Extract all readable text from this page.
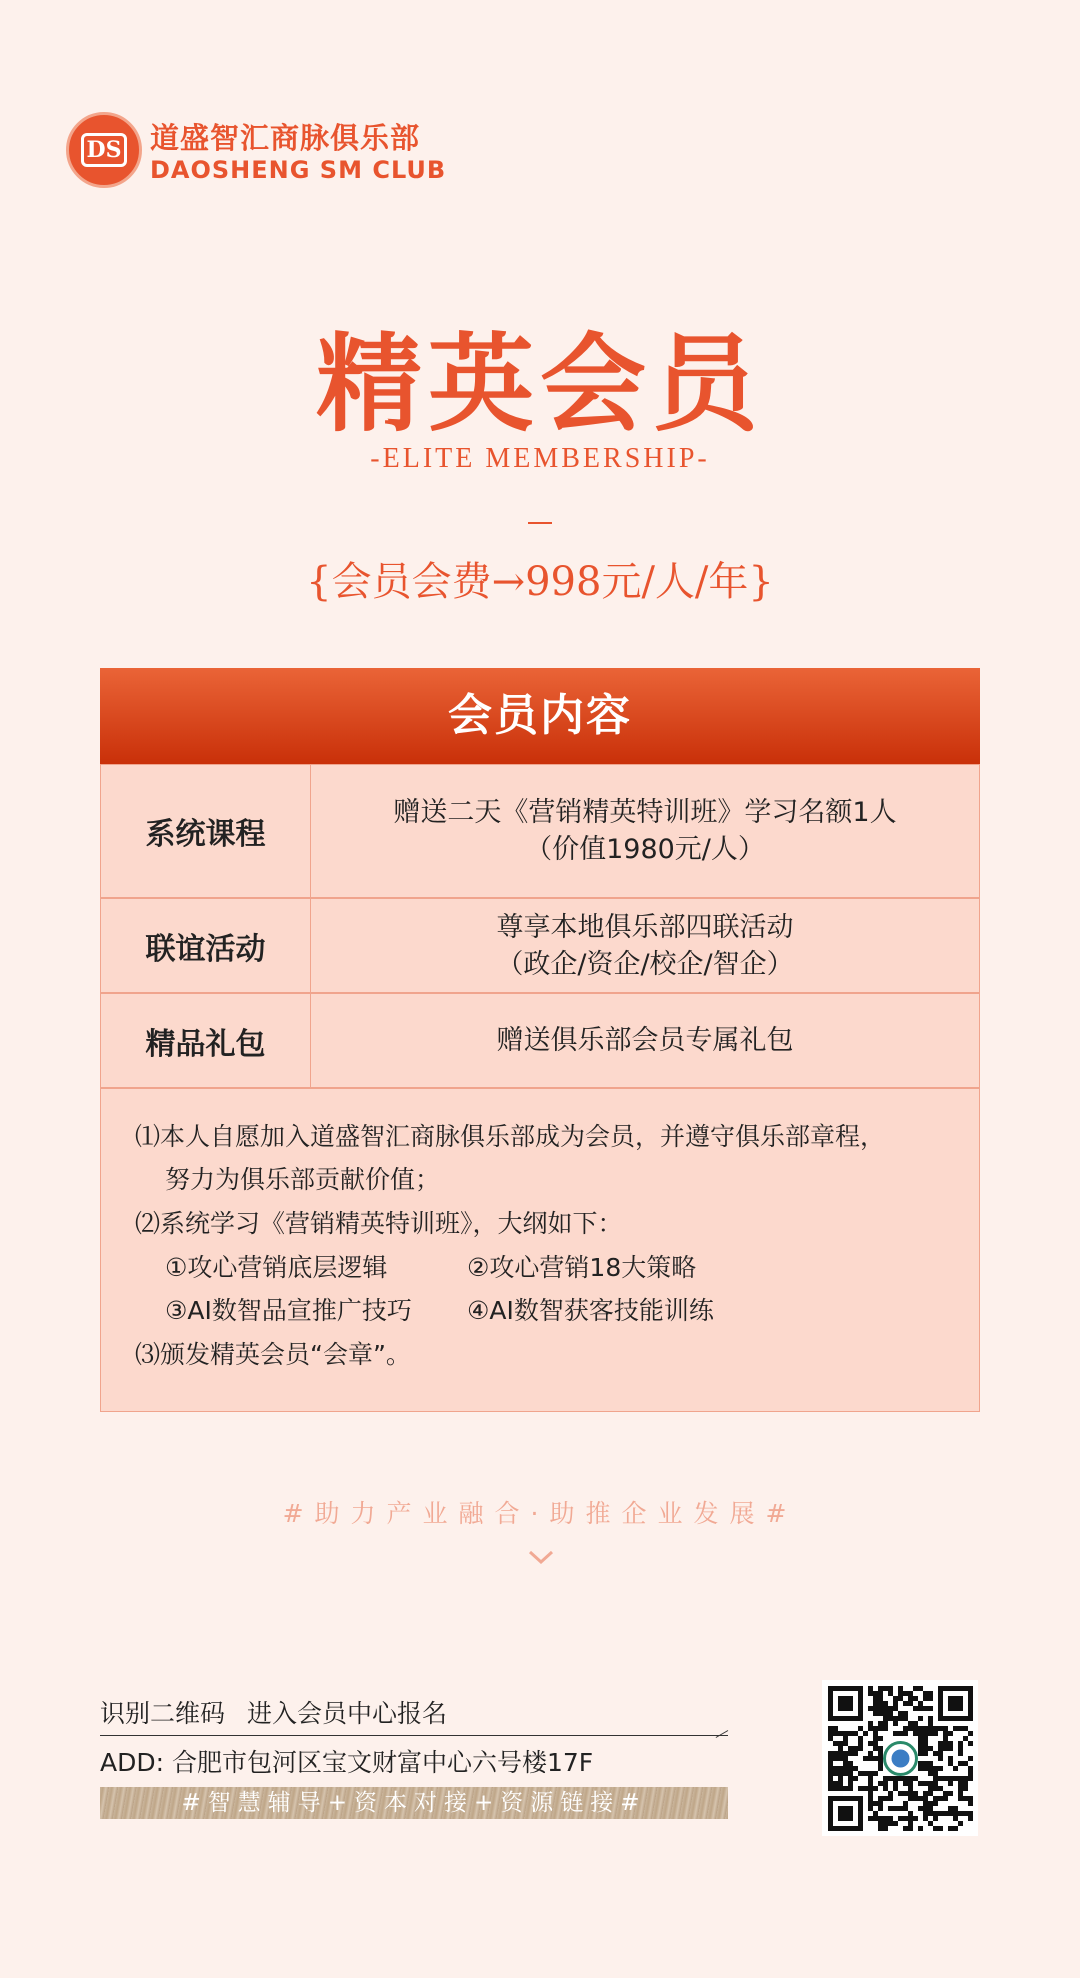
DS 道盛智汇商脉俱乐部
DAOSHENG SM CLUB
精英会员
-ELITE MEMBERSHIP-
{会员会费→998元/人/年}
会员内容
系统课程
赠送二天《营销精英特训班》学习名额1人
（价值1980元/人）
联谊活动
尊享本地俱乐部四联活动
（政企/资企/校企/智企）
精品礼包	赠送俱乐部会员专属礼包
⑴本人自愿加入道盛智汇商脉俱乐部成为会员，并遵守俱乐部章程，
努力为俱乐部贡献价值；
⑵系统学习《营销精英特训班》，大纲如下：
①攻心营销底层逻辑	②攻心营销18大策略
③AI数智品宣推广技巧 ④AI数智获客技能训练
⑶颁发精英会员“会章”。
#助力产业融合·助推企业发展#
识别二维码 进入会员中心报名
ADD: 合肥市包河区宝文财富中心六号楼17F
#智慧辅导+资本对接+资源链接#
